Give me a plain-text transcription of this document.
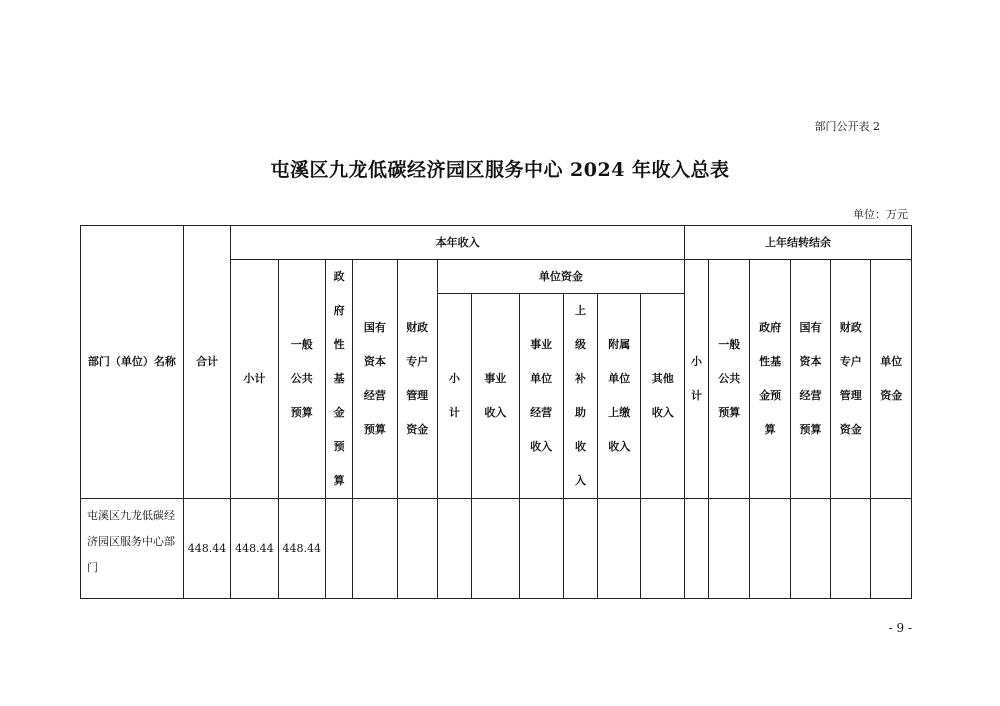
部门公开表 2
屯溪区九龙低碳经济园区服务中心 2024 年收入总表
单位：万元
部门（单位）名称	合计	本年收入											上年结转结余					
		小计	一般公共预算	政府性基金预算	国有资本经营预算	财政专户管理资金	单位资金						小计	一般公共预算	政府性基金预算	国有资本经营预算	财政专户管理资金	单位资金
							小计	事业收入	事业单位经营收入	上级补助收入	附属单位上缴收入	其他收入						
屯溪区九龙低碳经济园区服务中心部门	448.44	448.44	448.44															
- 9 -
